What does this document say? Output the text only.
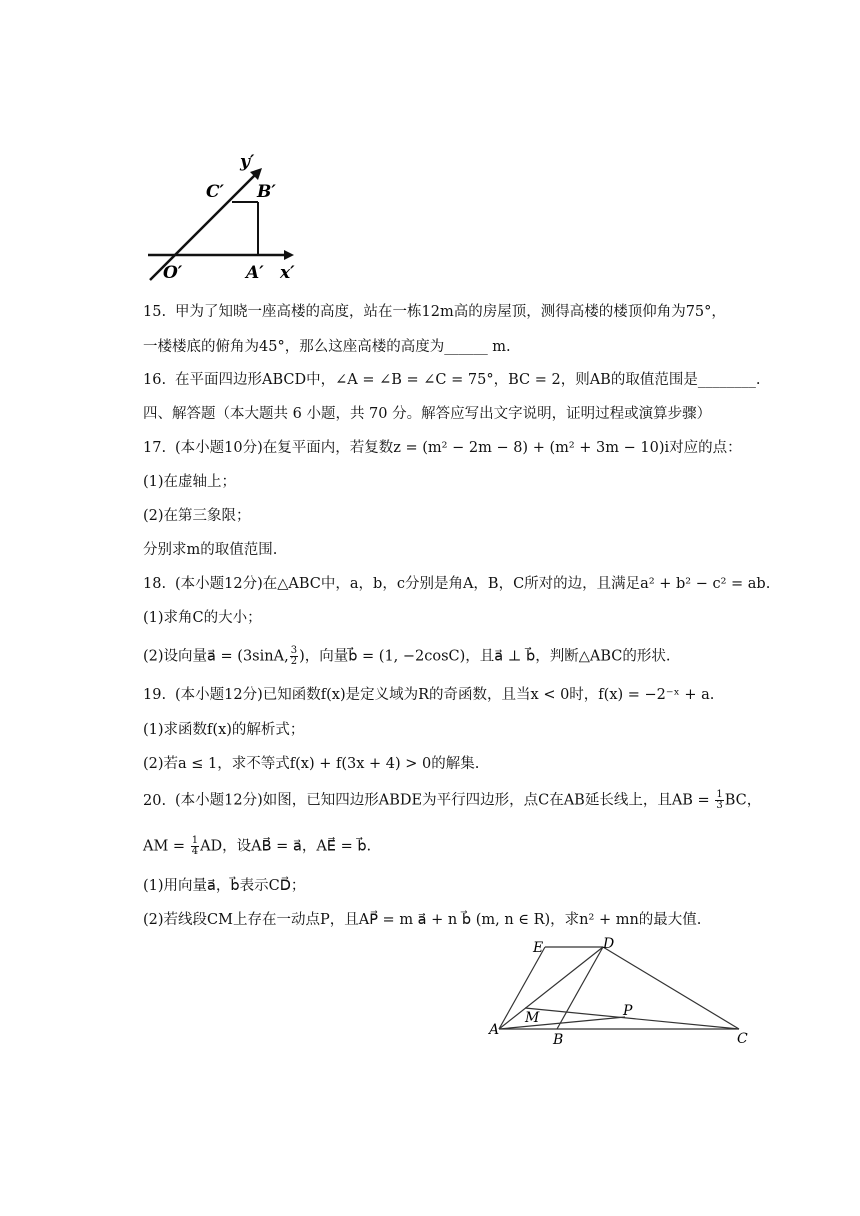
y′
C′ B′
O′	A′ x′
15. 甲为了知晓一座高楼的高度，站在一栋12m高的房屋顶，测得高楼的楼顶仰角为75°，
一楼楼底的俯角为45°，那么这座高楼的高度为______ m.
16. 在平面四边形ABCD中，∠A = ∠B = ∠C = 75°，BC = 2，则AB的取值范围是________.
四、解答题（本大题共 6 小题，共 70 分。解答应写出文字说明，证明过程或演算步骤）
17. (本小题10分)在复平面内，若复数z = (m² − 2m − 8) + (m² + 3m − 10)i对应的点：
(1)在虚轴上；
(2)在第三象限；
分别求m的取值范围.
18. (本小题12分)在△ABC中，a，b，c分别是角A，B，C所对的边，且满足a² + b² − c² = ab.
(1)求角C的大小；
(2)设向量a⃗ = (3sinA, $\frac{3}{2}$ )，向量b⃗ = (1, −2cosC)，且a⃗ ⊥ b⃗，判断△ABC的形状.
19. (本小题12分)已知函数f(x)是定义域为R的奇函数，且当x < 0时，f(x) = −2⁻ˣ + a.
(1)求函数f(x)的解析式；
(2)若a ≤ 1，求不等式f(x) + f(3x + 4) > 0的解集.
20. (本小题12分)如图，已知四边形ABDE为平行四边形，点C在AB延长线上，且AB = $\frac{1}{3}$ BC，
AM = $\frac{1}{4}$ AD，设AB⃗ = a⃗，AE⃗ = b⃗.
(1)用向量a⃗，b⃗表示CD⃗；
(2)若线段CM上存在一动点P，且AP⃗ = m a⃗ + n b⃗ (m, n ∈ R)，求n² + mn的最大值.
E	D
M	P
A
B	C
